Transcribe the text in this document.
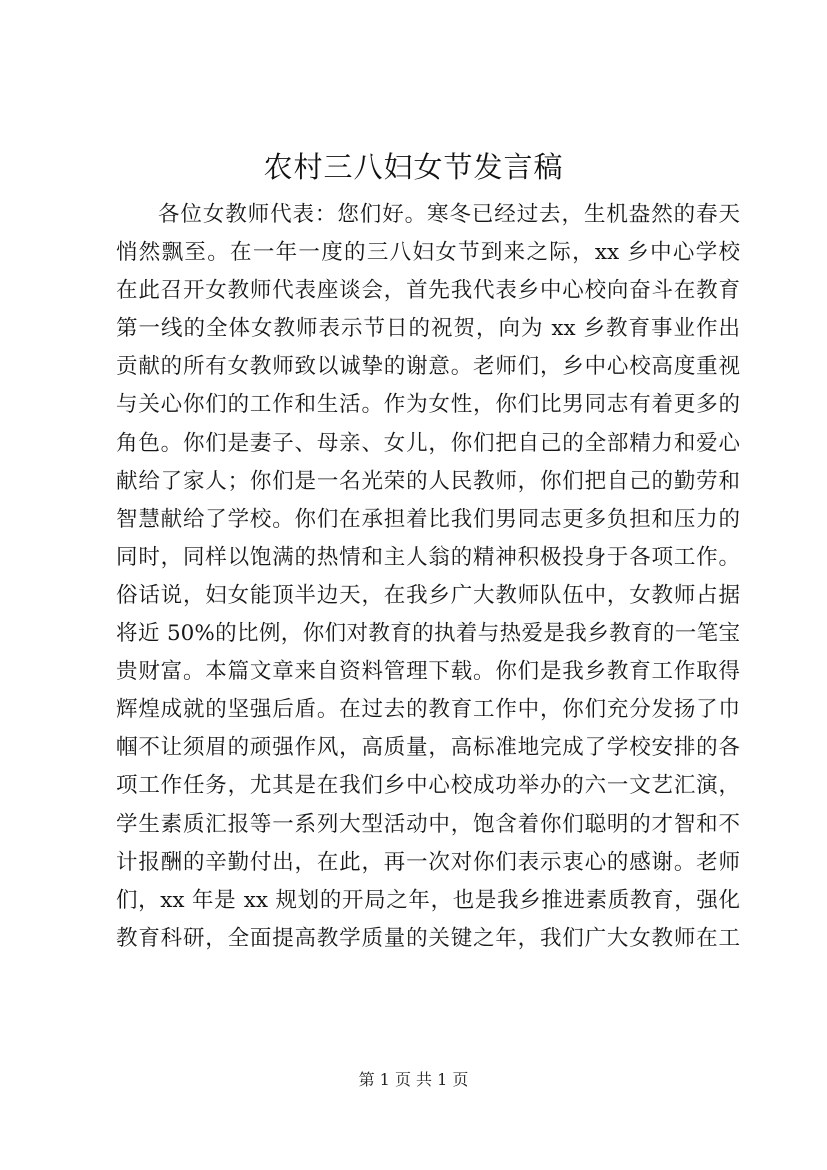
农村三八妇女节发言稿
各位女教师代表：您们好。寒冬已经过去，生机盎然的春天
悄然飘至。在一年一度的三八妇女节到来之际，xx 乡中心学校
在此召开女教师代表座谈会，首先我代表乡中心校向奋斗在教育
第一线的全体女教师表示节日的祝贺，向为 xx 乡教育事业作出
贡献的所有女教师致以诚挚的谢意。老师们，乡中心校高度重视
与关心你们的工作和生活。作为女性，你们比男同志有着更多的
角色。你们是妻子、母亲、女儿，你们把自己的全部精力和爱心
献给了家人；你们是一名光荣的人民教师，你们把自己的勤劳和
智慧献给了学校。你们在承担着比我们男同志更多负担和压力的
同时，同样以饱满的热情和主人翁的精神积极投身于各项工作。
俗话说，妇女能顶半边天，在我乡广大教师队伍中，女教师占据
将近 50%的比例，你们对教育的执着与热爱是我乡教育的一笔宝
贵财富。本篇文章来自资料管理下载。你们是我乡教育工作取得
辉煌成就的坚强后盾。在过去的教育工作中，你们充分发扬了巾
帼不让须眉的顽强作风，高质量，高标准地完成了学校安排的各
项工作任务，尤其是在我们乡中心校成功举办的六一文艺汇演，
学生素质汇报等一系列大型活动中，饱含着你们聪明的才智和不
计报酬的辛勤付出，在此，再一次对你们表示衷心的感谢。老师
们，xx 年是 xx 规划的开局之年，也是我乡推进素质教育，强化
教育科研，全面提高教学质量的关键之年，我们广大女教师在工
第 1 页 共 1 页
